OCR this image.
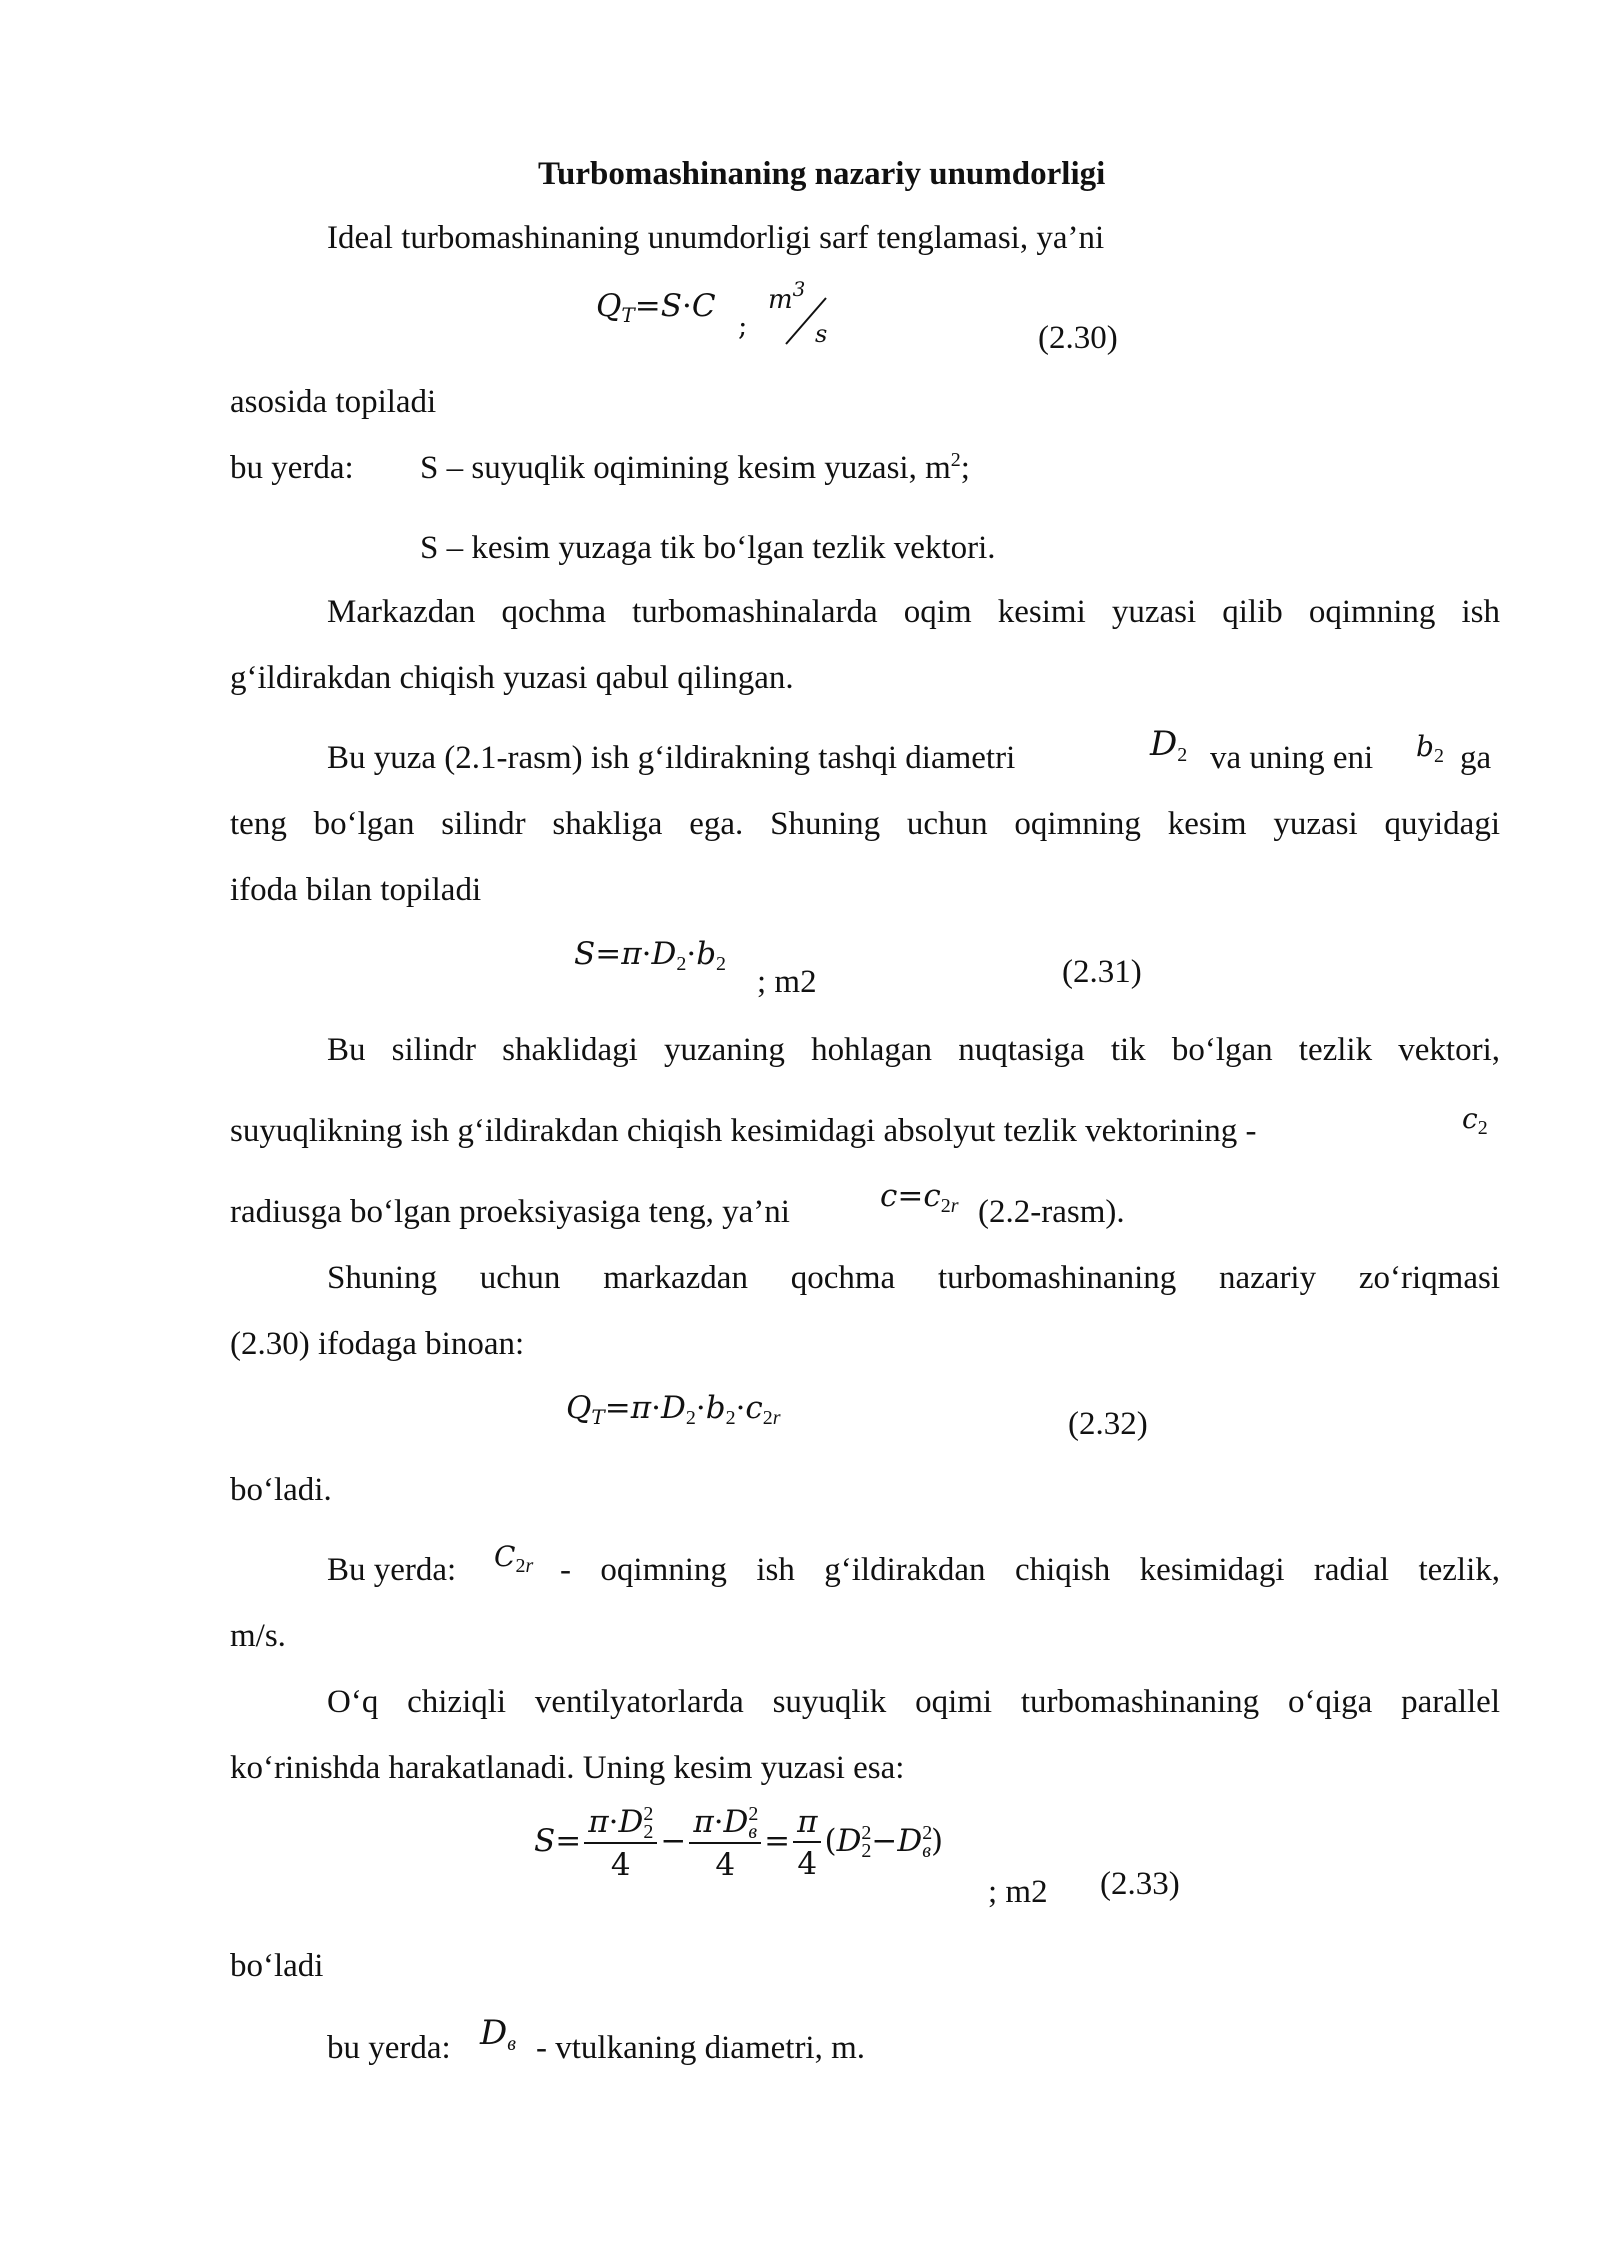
Turbomashinaning nazariy unumdorligi
Ideal turbomashinaning unumdorligi sarf tenglamasi, ya’ni
$Q_T=S\cdot C$
;
$m^3$
s	(2.30)
asosida topiladi
bu yerda: S – suyuqlik oqimining kesim yuzasi, $m^2$;
S – kesim yuzaga tik bo‘lgan tezlik vektori.
Markazdan qochma turbomashinalarda oqim kesimi yuzasi qilib oqimning ish
g‘ildirakdan chiqish yuzasi qabul qilingan.
Bu yuza (2.1-rasm) ish g‘ildirakning tashqi diametri	$D_2$ va uning eni $b_2$ ga
teng bo‘lgan silindr shakliga ega. Shuning uchun oqimning kesim yuzasi quyidagi
ifoda bilan topiladi
$S=\pi\cdot D_2\cdot b_2$ ; m2	(2.31)
Bu silindr shaklidagi yuzaning hohlagan nuqtasiga tik bo‘lgan tezlik vektori,
suyuqlikning ish g‘ildirakdan chiqish kesimidagi absolyut tezlik vektorining -	$c_2$
radiusga bo‘lgan proeksiyasiga teng, ya’ni	$c=c_{2r}$ (2.2-rasm).
Shuning uchun markazdan qochma turbomashinaning nazariy zo‘riqmasi
(2.30) ifodaga binoan:
$Q_T=\pi\cdot D_2\cdot b_2\cdot c_{2r}$	(2.32)
bo‘ladi.
Bu yerda: $C_{2r}$ - oqimning ish g‘ildirakdan chiqish kesimidagi radial tezlik,
m/s.
O‘q chiziqli ventilyatorlarda suyuqlik oqimi turbomashinaning o‘qiga parallel
ko‘rinishda harakatlanadi. Uning kesim yuzasi esa:
$S= \frac{\pi\cdot D^2_2}{4} - \frac{\pi\cdot D^2_в}{4} = \frac{\pi}{4} (D^2_2-D^2_в)$
; m2 (2.33)
bo‘ladi
bu yerda: $D_в$ - vtulkaning diametri, m.
